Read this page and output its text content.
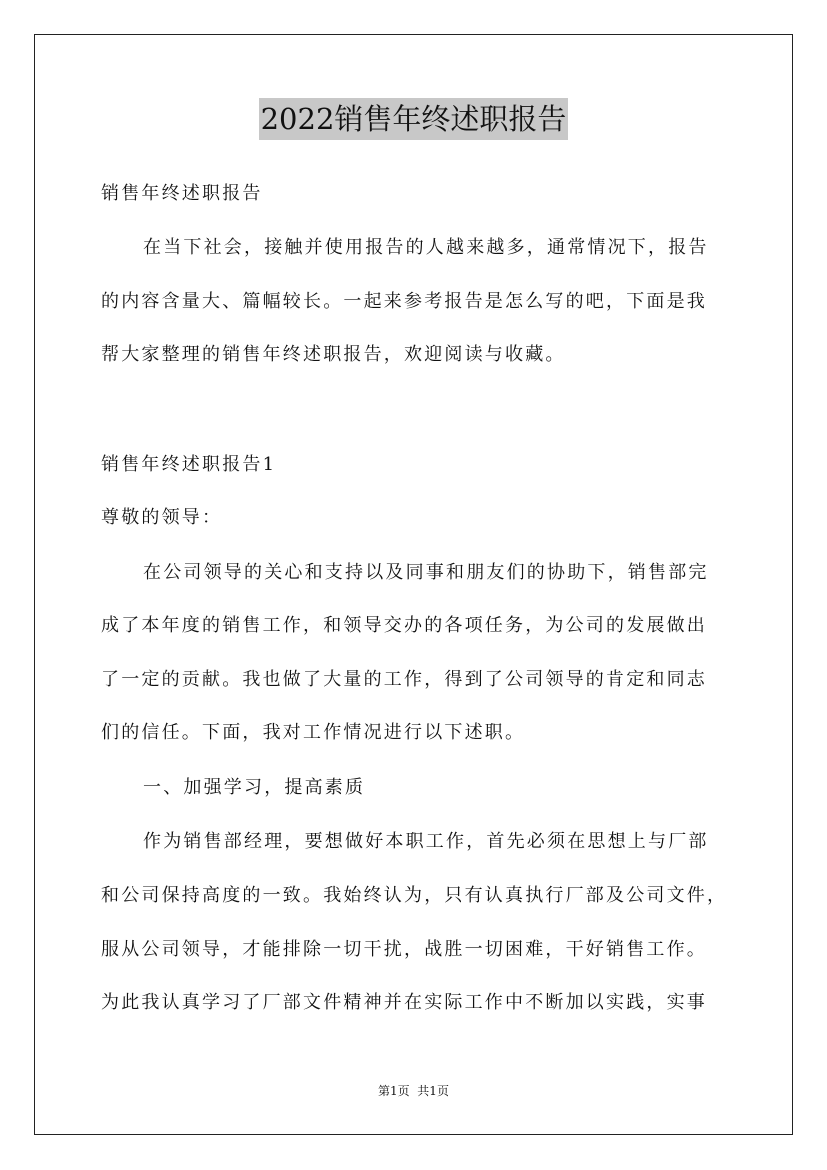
2022销售年终述职报告
销售年终述职报告
在当下社会，接触并使用报告的人越来越多，通常情况下，报告
的内容含量大、篇幅较长。一起来参考报告是怎么写的吧，下面是我
帮大家整理的销售年终述职报告，欢迎阅读与收藏。
销售年终述职报告1
尊敬的领导：
在公司领导的关心和支持以及同事和朋友们的协助下，销售部完
成了本年度的销售工作，和领导交办的各项任务，为公司的发展做出
了一定的贡献。我也做了大量的工作，得到了公司领导的肯定和同志
们的信任。下面，我对工作情况进行以下述职。
一、加强学习，提高素质
作为销售部经理，要想做好本职工作，首先必须在思想上与厂部
和公司保持高度的一致。我始终认为，只有认真执行厂部及公司文件，
服从公司领导，才能排除一切干扰，战胜一切困难，干好销售工作。
为此我认真学习了厂部文件精神并在实际工作中不断加以实践，实事
第1页  共1页
